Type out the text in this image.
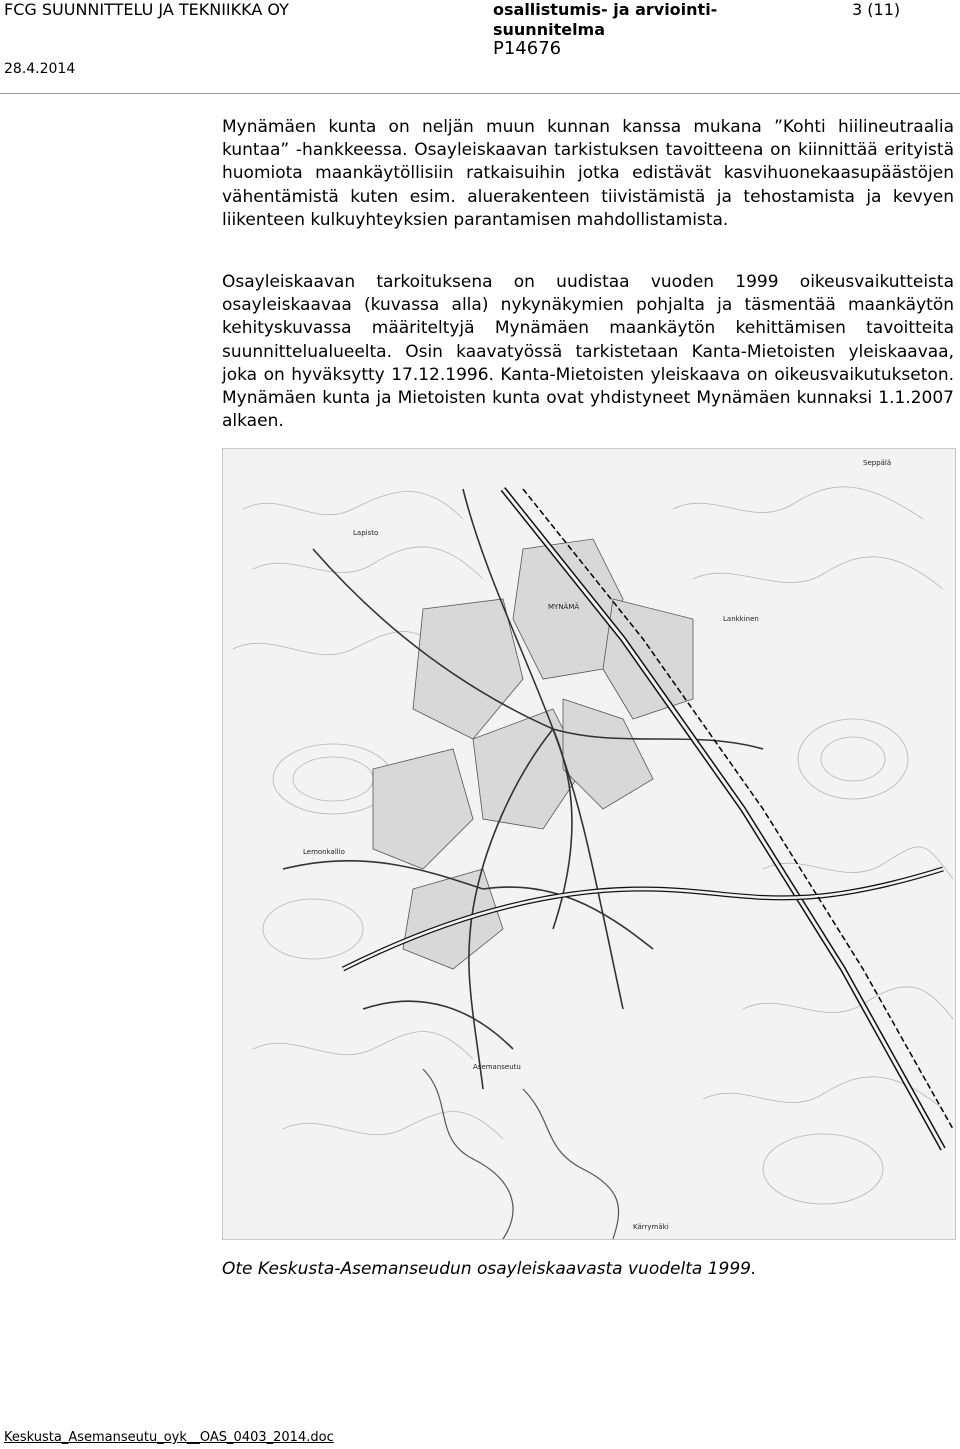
FCG SUUNNITTELU JA TEKNIIKKA OY
28.4.2014
osallistumis- ja arviointi-suunnitelma
P14676
3 (11)

Mynämäen kunta on neljän muun kunnan kanssa mukana ”Kohti hiilineutraalia kuntaa” -hankkeessa. Osayleiskaavan tarkistuksen tavoitteena on kiinnittää erityistä huomiota maankäytöllisiin ratkaisuihin jotka edistävät kasvihuonekaasupäästöjen vähentämistä kuten esim. aluerakenteen tiivistämistä ja tehostamista ja kevyen liikenteen kulkuyhteyksien parantamisen mahdollistamista.

Osayleiskaavan tarkoituksena on uudistaa vuoden 1999 oikeusvaikutteista osayleiskaavaa (kuvassa alla) nykynäkymien pohjalta ja täsmentää maankäytön kehityskuvassa määriteltyjä Mynämäen maankäytön kehittämisen tavoitteita suunnittelualueelta. Osin kaavatyössä tarkistetaan Kanta-Mietoisten yleiskaavaa, joka on hyväksytty 17.12.1996. Kanta-Mietoisten yleiskaava on oikeusvaikutukseton. Mynämäen kunta ja Mietoisten kunta ovat yhdistyneet Mynämäen kunnaksi 1.1.2007 alkaen.

MYNÄMÄ
Seppälä
Lankkinen
Lapisto
Asemanseutu
Lemonkallio
Kärrymäki
Ote Keskusta-Asemanseudun osayleiskaavasta vuodelta 1999.
Keskusta_Asemanseutu_oyk__OAS_0403_2014.doc
